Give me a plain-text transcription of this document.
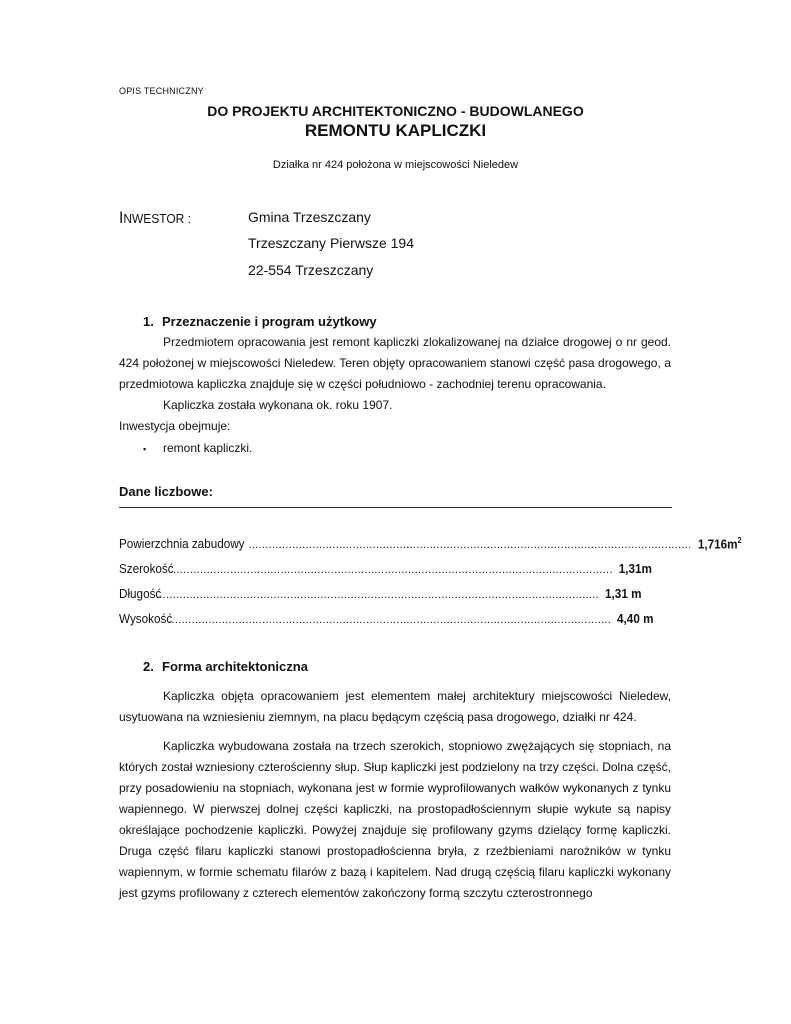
OPIS TECHNICZNY
DO PROJEKTU ARCHITEKTONICZNO - BUDOWLANEGO
REMONTU KAPLICZKI
Działka nr 424 położona w miejscowości Nieledew
INWESTOR :	Gmina Trzeszczany
Trzeszczany Pierwsze 194
22-554 Trzeszczany
1. Przeznaczenie i program użytkowy

Przedmiotem opracowania jest remont kapliczki zlokalizowanej na działce drogowej o nr geod. 424 położonej w miejscowości Nieledew. Teren objęty opracowaniem stanowi część pasa drogowego, a przedmiotowa kapliczka znajduje się w części południowo - zachodniej terenu opracowania.

Kapliczka została wykonana ok. roku 1907.

Inwestycja obejmuje:

▪ remont kapliczki.
Dane liczbowe:
Powierzchnia zabudowy .................................................................................................................................... $1,716m^2$
Szerokość
.................................................................................................................................... 1,31m
Długość
.................................................................................................................................... 1,31 m
Wysokość
.................................................................................................................................... 4,40 m
2. Forma architektoniczna

Kapliczka objęta opracowaniem jest elementem małej architektury miejscowości Nieledew, usytuowana na wzniesieniu ziemnym, na placu będącym częścią pasa drogowego, działki nr 424.

Kapliczka wybudowana została na trzech szerokich, stopniowo zwężających się stopniach, na których został wzniesiony czterościenny słup. Słup kapliczki jest podzielony na trzy części. Dolna część, przy posadowieniu na stopniach, wykonana jest w formie wyprofilowanych wałków wykonanych z tynku wapiennego. W pierwszej dolnej części kapliczki, na prostopadłościennym słupie wykute są napisy określające pochodzenie kapliczki. Powyżej znajduje się profilowany gzyms dzielący formę kapliczki. Druga część filaru kapliczki stanowi prostopadłościenna bryła, z rzeźbieniami narożników w tynku wapiennym, w formie schematu filarów z bazą i kapitelem. Nad drugą częścią filaru kapliczki wykonany jest gzyms profilowany z czterech elementów zakończony formą szczytu czterostronnego
